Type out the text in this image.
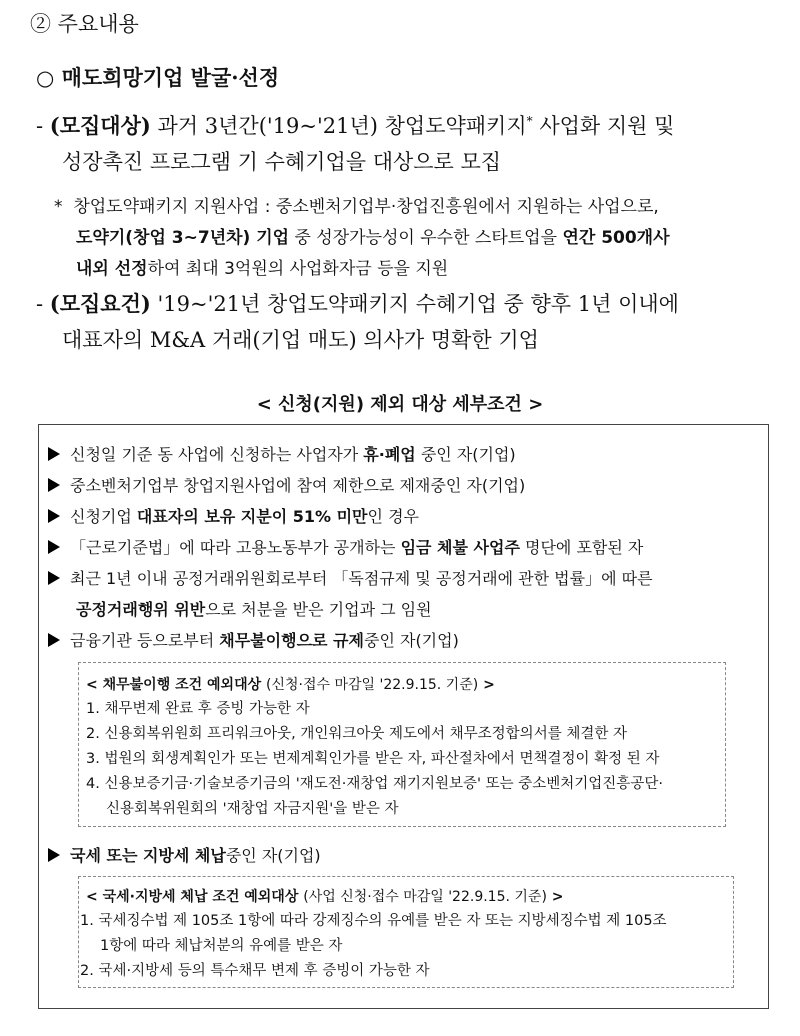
② 주요내용
○ 매도희망기업 발굴·선정
- (모집대상) 과거 3년간('19~'21년) 창업도약패키지* 사업화 지원 및
성장촉진 프로그램 기 수혜기업을 대상으로 모집
* 창업도약패키지 지원사업 : 중소벤처기업부·창업진흥원에서 지원하는 사업으로,
도약기(창업 3~7년차) 기업 중 성장가능성이 우수한 스타트업을 연간 500개사
내외 선정하여 최대 3억원의 사업화자금 등을 지원
- (모집요건) '19~'21년 창업도약패키지 수혜기업 중 향후 1년 이내에
대표자의 M&A 거래(기업 매도) 의사가 명확한 기업
< 신청(지원) 제외 대상 세부조건 >
신청일 기준 동 사업에 신청하는 사업자가 휴·폐업 중인 자(기업)
중소벤처기업부 창업지원사업에 참여 제한으로 제재중인 자(기업)
신청기업 대표자의 보유 지분이 51% 미만인 경우
「근로기준법」에 따라 고용노동부가 공개하는 임금 체불 사업주 명단에 포함된 자
최근 1년 이내 공정거래위원회로부터 「독점규제 및 공정거래에 관한 법률」에 따른
공정거래행위 위반으로 처분을 받은 기업과 그 임원
금융기관 등으로부터 채무불이행으로 규제중인 자(기업)
< 채무불이행 조건 예외대상 (신청·접수 마감일 '22.9.15. 기준) >
1. 채무변제 완료 후 증빙 가능한 자
2. 신용회복위원회 프리워크아웃, 개인워크아웃 제도에서 채무조정합의서를 체결한 자
3. 법원의 회생계획인가 또는 변제계획인가를 받은 자, 파산절차에서 면책결정이 확정 된 자
4. 신용보증기금·기술보증기금의 '재도전·재창업 재기지원보증' 또는 중소벤처기업진흥공단·
신용회복위원회의 '재창업 자금지원'을 받은 자
국세 또는 지방세 체납중인 자(기업)
< 국세·지방세 체납 조건 예외대상 (사업 신청·접수 마감일 '22.9.15. 기준) >
1. 국세징수법 제 105조 1항에 따라 강제징수의 유예를 받은 자 또는 지방세징수법 제 105조
1항에 따라 체납처분의 유예를 받은 자
2. 국세·지방세 등의 특수채무 변제 후 증빙이 가능한 자
